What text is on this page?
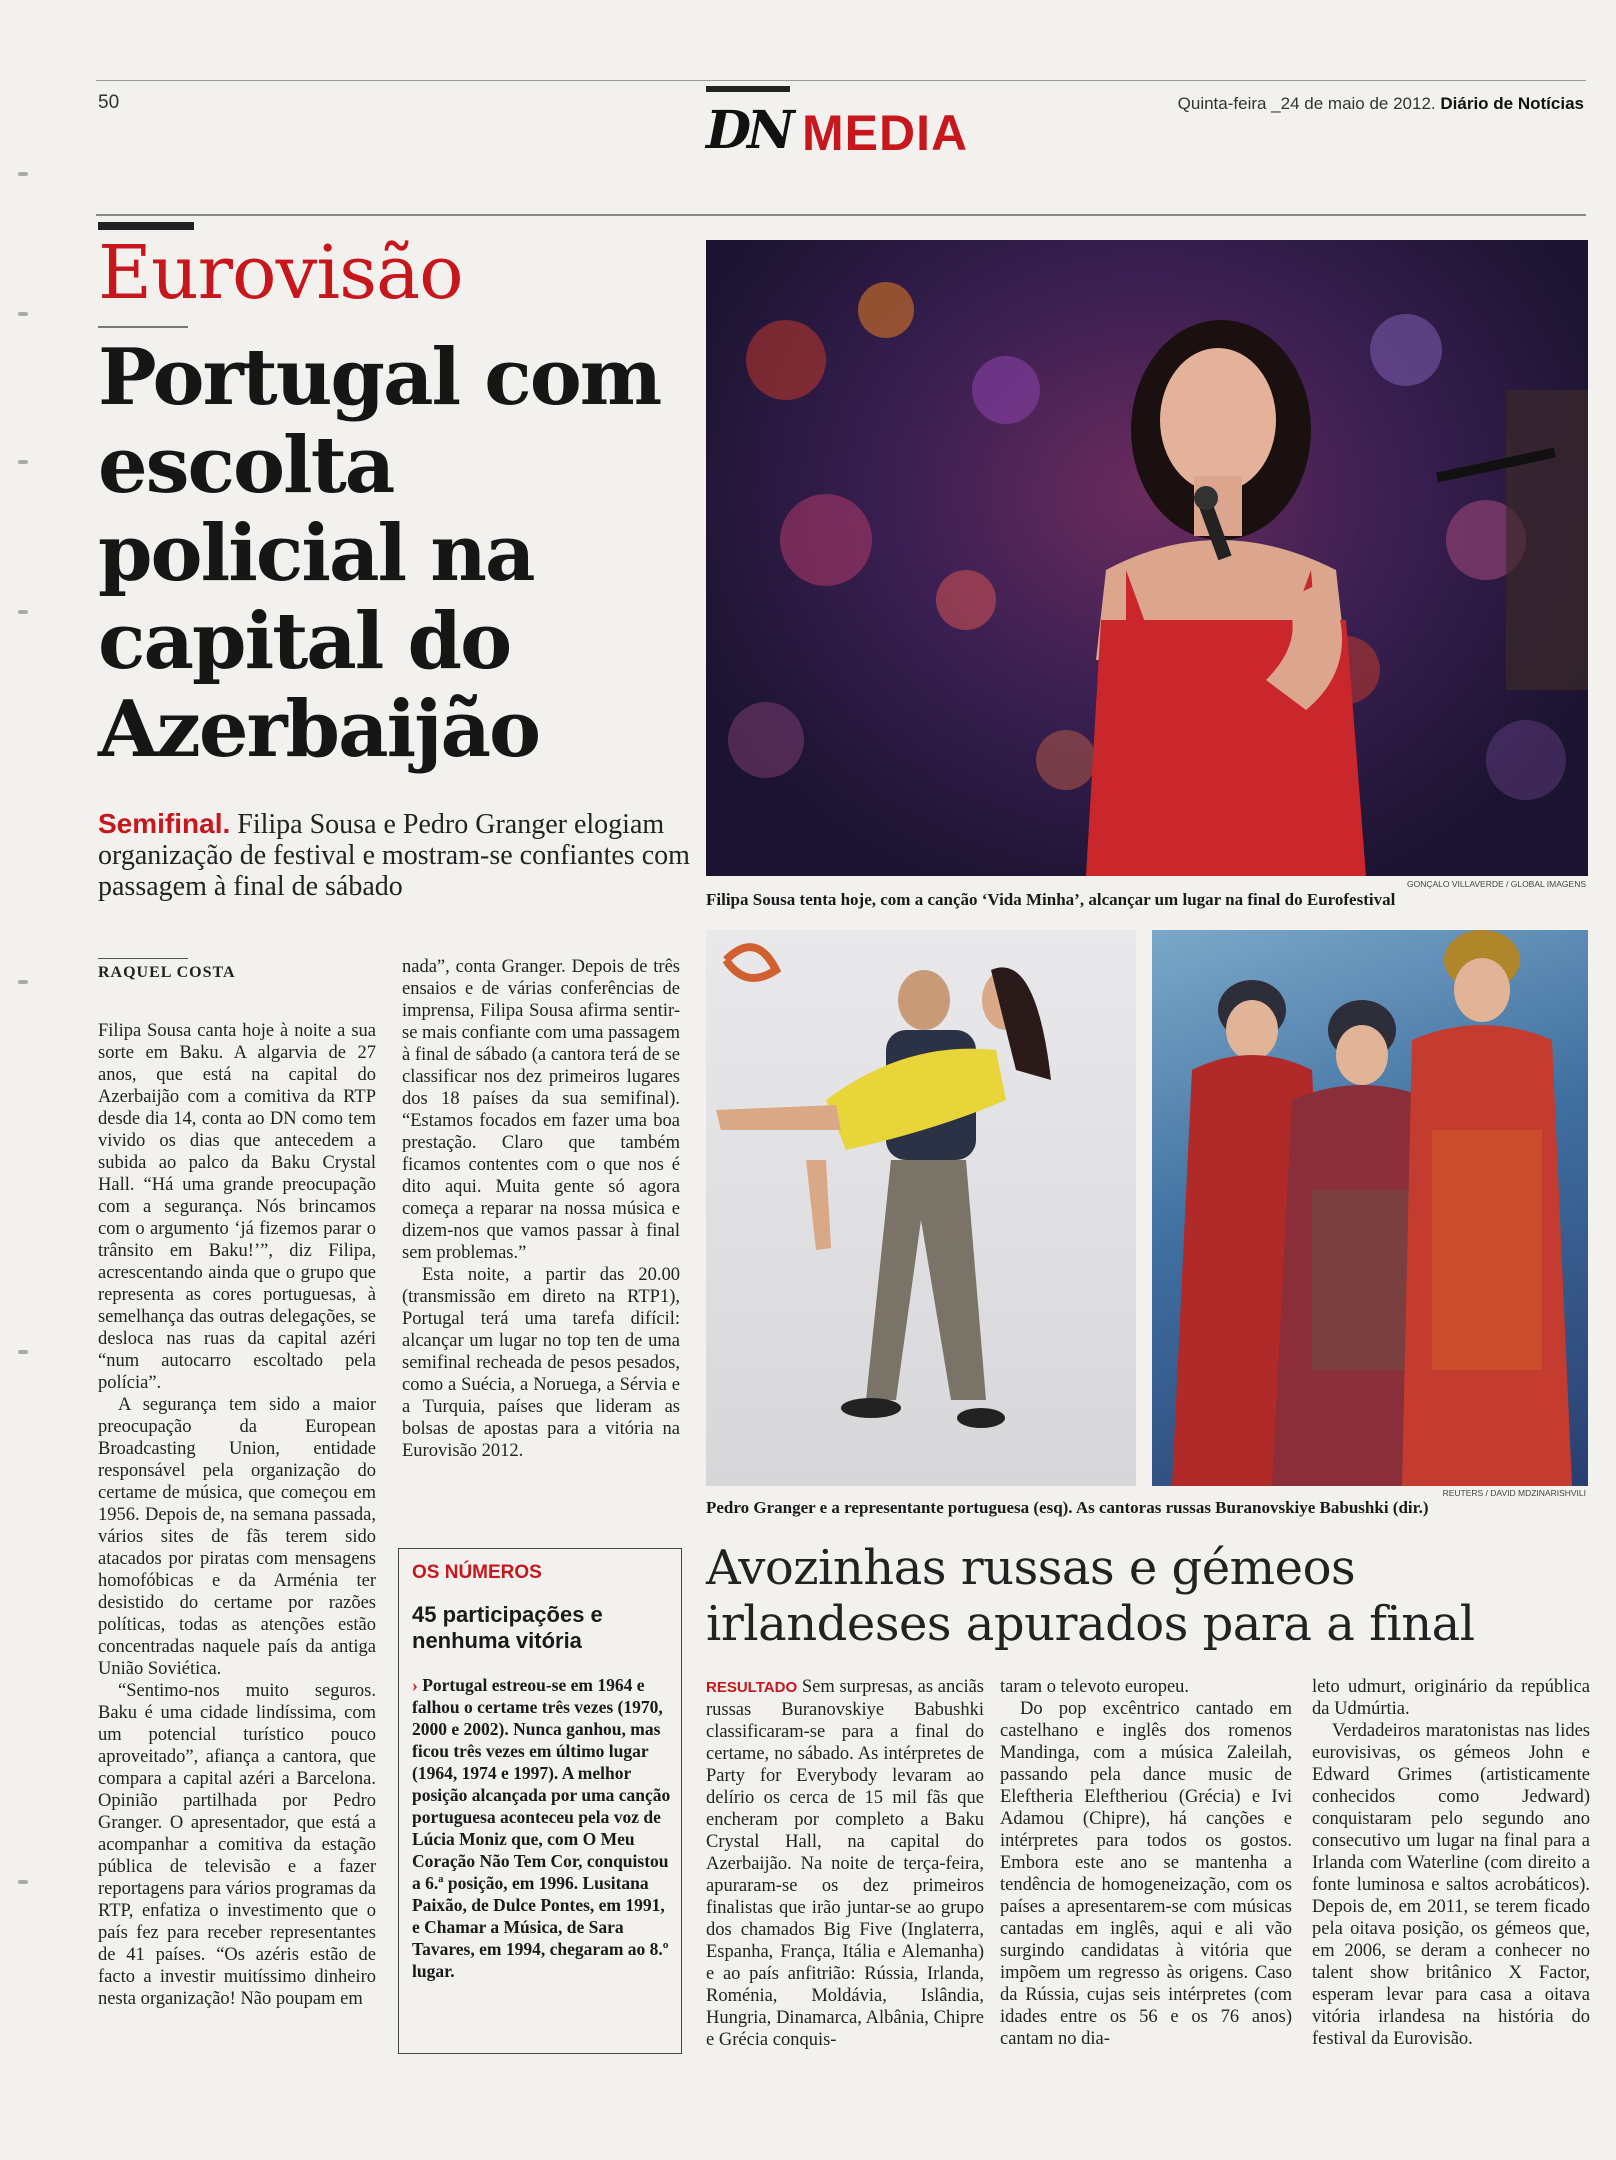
50	DN MEDIA
Quinta-feira _24 de maio de 2012. Diário de Notícias
Eurovisão
Portugal com escolta policial na capital do Azerbaijão
Semifinal. Filipa Sousa e Pedro Granger elogiam organização de festival e mostram-se confiantes com passagem à final de sábado
RAQUEL COSTA

Filipa Sousa canta hoje à noite a sua sorte em Baku. A algarvia de 27 anos, que está na capital do Azerbaijão com a comitiva da RTP desde dia 14, conta ao DN como tem vivido os dias que antecedem a subida ao palco da Baku Crystal Hall. “Há uma grande preocupação com a segurança. Nós brincamos com o argumento ‘já fizemos parar o trânsito em Baku!’”, diz Filipa, acrescentando ainda que o grupo que representa as cores portuguesas, à semelhança das outras delegações, se desloca nas ruas da capital azéri “num autocarro escoltado pela polícia”.

A segurança tem sido a maior preocupação da European Broadcasting Union, entidade responsável pela organização do certame de música, que começou em 1956. Depois de, na semana passada, vários sites de fãs terem sido atacados por piratas com mensagens homofóbicas e da Arménia ter desistido do certame por razões políticas, todas as atenções estão concentradas naquele país da antiga União Soviética.

“Sentimo-nos muito seguros. Baku é uma cidade lindíssima, com um potencial turístico pouco aproveitado”, afiança a cantora, que compara a capital azéri a Barcelona. Opinião partilhada por Pedro Granger. O apresentador, que está a acompanhar a comitiva da estação pública de televisão e a fazer reportagens para vários programas da RTP, enfatiza o investimento que o país fez para receber representantes de 41 países. “Os azéris estão de facto a investir muitíssimo dinheiro nesta organização! Não poupam em

nada”, conta Granger. Depois de três ensaios e de várias conferências de imprensa, Filipa Sousa afirma sentir-se mais confiante com uma passagem à final de sábado (a cantora terá de se classificar nos dez primeiros lugares dos 18 países da sua semifinal). “Estamos focados em fazer uma boa prestação. Claro que também ficamos contentes com o que nos é dito aqui. Muita gente só agora começa a reparar na nossa música e dizem-nos que vamos passar à final sem problemas.”

Esta noite, a partir das 20.00 (transmissão em direto na RTP1), Portugal terá uma tarefa difícil: alcançar um lugar no top ten de uma semifinal recheada de pesos pesados, como a Suécia, a Noruega, a Sérvia e a Turquia, países que lideram as bolsas de apostas para a vitória na Eurovisão 2012.

OS NÚMEROS
45 participações e nenhuma vitória
› Portugal estreou-se em 1964 e falhou o certame três vezes (1970, 2000 e 2002). Nunca ganhou, mas ficou três vezes em último lugar (1964, 1974 e 1997). A melhor posição alcançada por uma canção portuguesa aconteceu pela voz de Lúcia Moniz que, com O Meu Coração Não Tem Cor, conquistou a 6.ª posição, em 1996. Lusitana Paixão, de Dulce Pontes, em 1991, e Chamar a Música, de Sara Tavares, em 1994, chegaram ao 8.º lugar.
GONÇALO VILLAVERDE / GLOBAL IMAGENS
Filipa Sousa tenta hoje, com a canção ‘Vida Minha’, alcançar um lugar na final do Eurofestival
REUTERS / DAVID MDZINARISHVILI
Pedro Granger e a representante portuguesa (esq). As cantoras russas Buranovskiye Babushki (dir.)
Avozinhas russas e gémeos irlandeses apurados para a final

RESULTADO Sem surpresas, as anciãs russas Buranovskiye Babushki classificaram-se para a final do certame, no sábado. As intérpretes de Party for Everybody levaram ao delírio os cerca de 15 mil fãs que encheram por completo a Baku Crystal Hall, na capital do Azerbaijão. Na noite de terça-feira, apuraram-se os dez primeiros finalistas que irão juntar-se ao grupo dos chamados Big Five (Inglaterra, Espanha, França, Itália e Alemanha) e ao país anfitrião: Rússia, Irlanda, Roménia, Moldávia, Islândia, Hungria, Dinamarca, Albânia, Chipre e Grécia conquis-

taram o televoto europeu.

Do pop excêntrico cantado em castelhano e inglês dos romenos Mandinga, com a música Zaleilah, passando pela dance music de Eleftheria Eleftheriou (Grécia) e Ivi Adamou (Chipre), há canções e intérpretes para todos os gostos. Embora este ano se mantenha a tendência de homogeneização, com os países a apresentarem-se com músicas cantadas em inglês, aqui e ali vão surgindo candidatas à vitória que impõem um regresso às origens. Caso da Rússia, cujas seis intérpretes (com idades entre os 56 e os 76 anos) cantam no dia-

leto udmurt, originário da república da Udmúrtia.

Verdadeiros maratonistas nas lides eurovisivas, os gémeos John e Edward Grimes (artisticamente conhecidos como Jedward) conquistaram pelo segundo ano consecutivo um lugar na final para a Irlanda com Waterline (com direito a fonte luminosa e saltos acrobáticos). Depois de, em 2011, se terem ficado pela oitava posição, os gémeos que, em 2006, se deram a conhecer no talent show britânico X Factor, esperam levar para casa a oitava vitória irlandesa na história do festival da Eurovisão.
